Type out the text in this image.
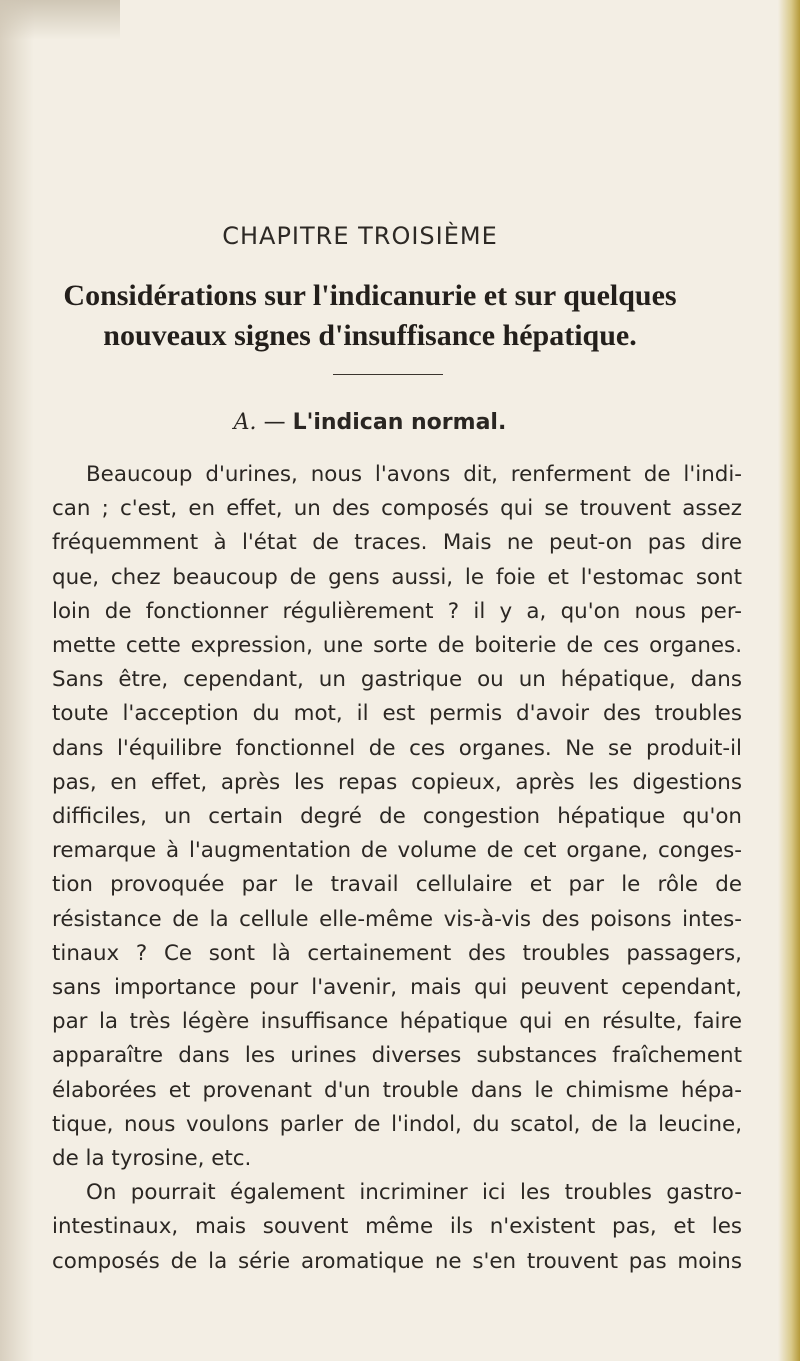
CHAPITRE TROISIÈME
Considérations sur l'indicanurie et sur quelques
nouveaux signes d'insuffisance hépatique.
A. — L'indican normal.
Beaucoup d'urines, nous l'avons dit, renferment de l'indi-
can ; c'est, en effet, un des composés qui se trouvent assez
fréquemment à l'état de traces. Mais ne peut-on pas dire
que, chez beaucoup de gens aussi, le foie et l'estomac sont
loin de fonctionner régulièrement ? il y a, qu'on nous per-
mette cette expression, une sorte de boiterie de ces organes.
Sans être, cependant, un gastrique ou un hépatique, dans
toute l'acception du mot, il est permis d'avoir des troubles
dans l'équilibre fonctionnel de ces organes. Ne se produit-il
pas, en effet, après les repas copieux, après les digestions
difficiles, un certain degré de congestion hépatique qu'on
remarque à l'augmentation de volume de cet organe, conges-
tion provoquée par le travail cellulaire et par le rôle de
résistance de la cellule elle-même vis-à-vis des poisons intes-
tinaux ? Ce sont là certainement des troubles passagers,
sans importance pour l'avenir, mais qui peuvent cependant,
par la très légère insuffisance hépatique qui en résulte, faire
apparaître dans les urines diverses substances fraîchement
élaborées et provenant d'un trouble dans le chimisme hépa-
tique, nous voulons parler de l'indol, du scatol, de la leucine,
de la tyrosine, etc.
On pourrait également incriminer ici les troubles gastro-
intestinaux, mais souvent même ils n'existent pas, et les
composés de la série aromatique ne s'en trouvent pas moins
